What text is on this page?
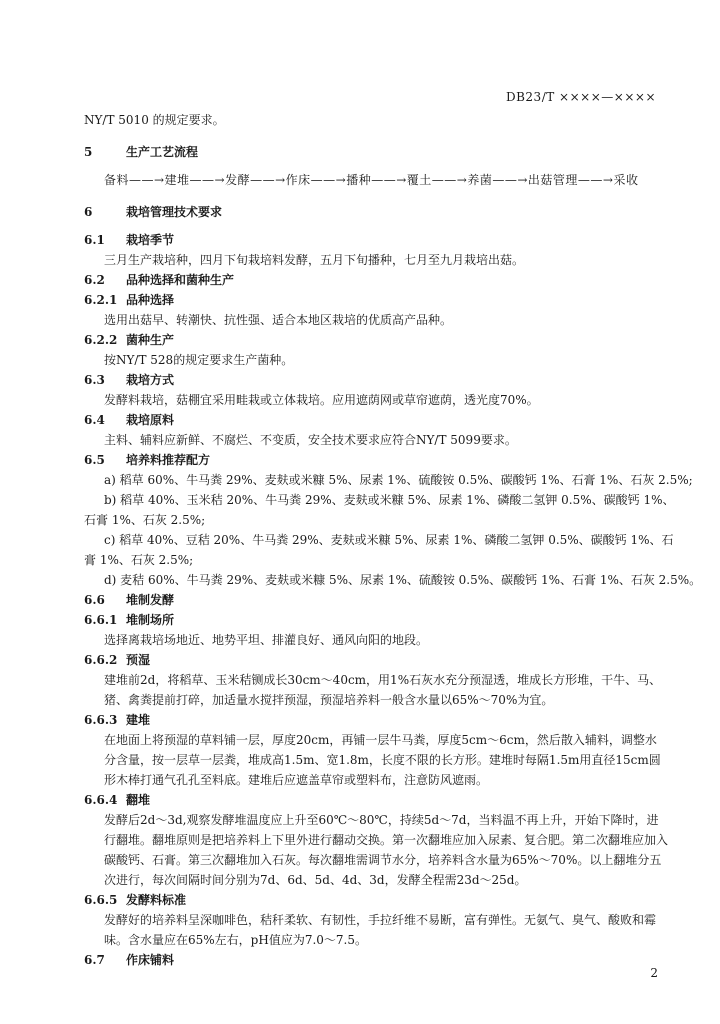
DB23/T ××××—××××
NY/T 5010 的规定要求。
5	生产工艺流程
备料——→建堆——→发酵——→作床——→播种——→覆土——→养菌——→出菇管理——→采收
6	栽培管理技术要求
6.1 栽培季节
三月生产栽培种，四月下旬栽培料发酵，五月下旬播种，七月至九月栽培出菇。
6.2 品种选择和菌种生产
6.2.1 品种选择
选用出菇早、转潮快、抗性强、适合本地区栽培的优质高产品种。
6.2.2 菌种生产
按NY/T 528的规定要求生产菌种。
6.3 栽培方式
发酵料栽培，菇棚宜采用畦栽或立体栽培。应用遮荫网或草帘遮荫，透光度70%。
6.4 栽培原料
主料、辅料应新鲜、不腐烂、不变质，安全技术要求应符合NY/T 5099要求。
6.5 培养料推荐配方
a) 稻草 60%、牛马粪 29%、麦麸或米糠 5%、尿素 1%、硫酸铵 0.5%、碳酸钙 1%、石膏 1%、石灰 2.5%;
b) 稻草 40%、玉米秸 20%、牛马粪 29%、麦麸或米糠 5%、尿素 1%、磷酸二氢钾 0.5%、碳酸钙 1%、
石膏 1%、石灰 2.5%;
c) 稻草 40%、豆秸 20%、牛马粪 29%、麦麸或米糠 5%、尿素 1%、磷酸二氢钾 0.5%、碳酸钙 1%、石
膏 1%、石灰 2.5%;
d) 麦秸 60%、牛马粪 29%、麦麸或米糠 5%、尿素 1%、硫酸铵 0.5%、碳酸钙 1%、石膏 1%、石灰 2.5%。
6.6 堆制发酵
6.6.1 堆制场所
选择离栽培场地近、地势平坦、排灌良好、通风向阳的地段。
6.6.2 预湿
建堆前2d，将稻草、玉米秸铡成长30cm～40cm，用1%石灰水充分预湿透，堆成长方形堆，干牛、马、猪、禽粪提前打碎，加适量水搅拌预湿，预湿培养料一般含水量以65%～70%为宜。
6.6.3 建堆
在地面上将预湿的草料铺一层，厚度20cm，再铺一层牛马粪，厚度5cm～6cm，然后散入辅料，调整水分含量，按一层草一层粪，堆成高1.5m、宽1.8m，长度不限的长方形。建堆时每隔1.5m用直径15cm圆形木棒打通气孔孔至料底。建堆后应遮盖草帘或塑料布，注意防风遮雨。
6.6.4 翻堆
发酵后2d～3d,观察发酵堆温度应上升至60℃～80℃，持续5d～7d，当料温不再上升，开始下降时，进行翻堆。翻堆原则是把培养料上下里外进行翻动交换。第一次翻堆应加入尿素、复合肥。第二次翻堆应加入碳酸钙、石膏。第三次翻堆加入石灰。每次翻堆需调节水分，培养料含水量为65%～70%。以上翻堆分五次进行，每次间隔时间分别为7d、6d、5d、4d、3d，发酵全程需23d～25d。
6.6.5 发酵料标准
发酵好的培养料呈深咖啡色，秸秆柔软、有韧性，手拉纤维不易断，富有弹性。无氨气、臭气、酸败和霉味。含水量应在65%左右，pH值应为7.0～7.5。
6.7 作床铺料
2
